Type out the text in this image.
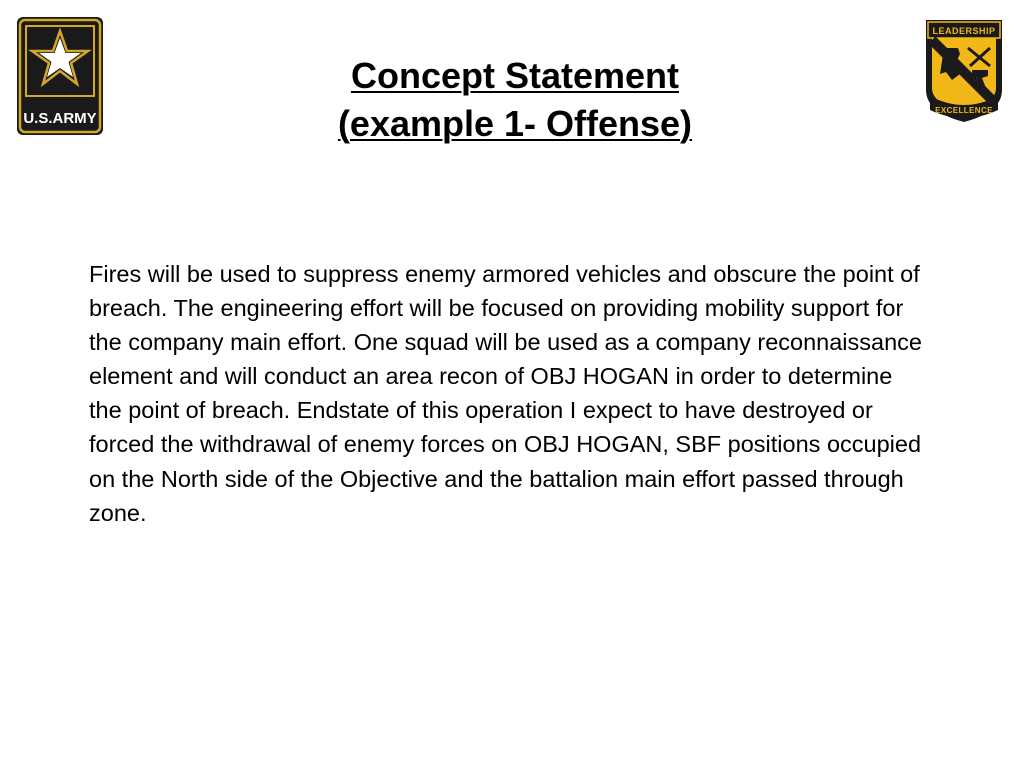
U.S.ARMY
LEADERSHIP
EXCELLENCE
Concept Statement
(example 1- Offense)

Fires will be used to suppress enemy armored vehicles and obscure the point of breach. The engineering effort will be focused on providing mobility support for the company main effort. One squad will be used as a company reconnaissance element and will conduct an area recon of OBJ HOGAN in order to determine the point of breach. Endstate of this operation I expect to have destroyed or forced the withdrawal of enemy forces on OBJ HOGAN, SBF positions occupied on the North side of the Objective and the battalion main effort passed through zone.
